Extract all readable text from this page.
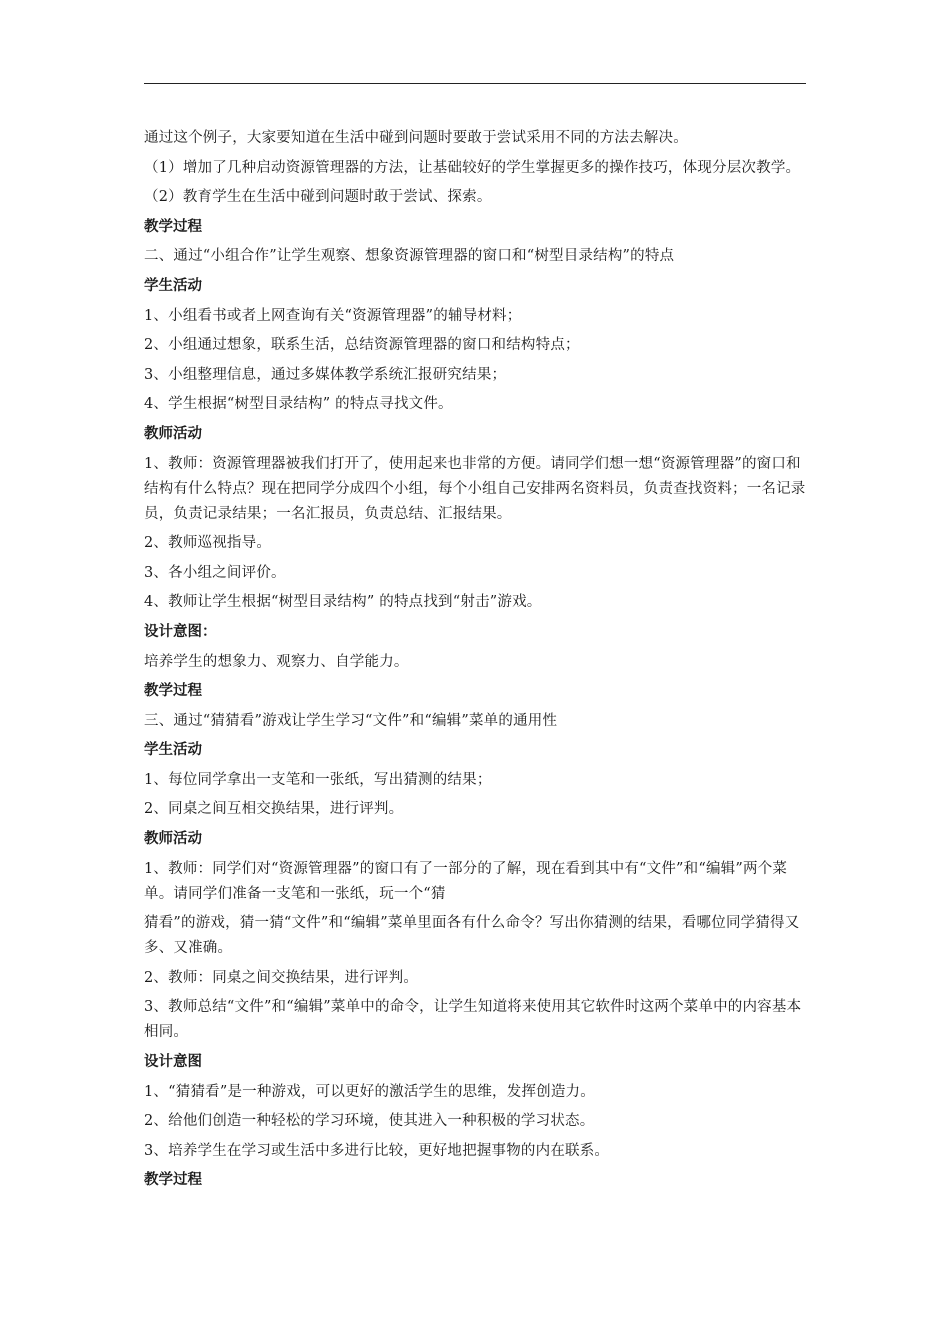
通过这个例子，大家要知道在生活中碰到问题时要敢于尝试采用不同的方法去解决。
（1）增加了几种启动资源管理器的方法，让基础较好的学生掌握更多的操作技巧，体现分层次教学。
（2）教育学生在生活中碰到问题时敢于尝试、探索。
教学过程
二、通过“小组合作”让学生观察、想象资源管理器的窗口和“树型目录结构”的特点
学生活动
1、小组看书或者上网查询有关“资源管理器”的辅导材料；
2、小组通过想象，联系生活，总结资源管理器的窗口和结构特点；
3、小组整理信息，通过多媒体教学系统汇报研究结果；
4、学生根据“树型目录结构” 的特点寻找文件。
教师活动
1、教师：资源管理器被我们打开了，使用起来也非常的方便。请同学们想一想“资源管理器”的窗口和结构有什么特点？现在把同学分成四个小组，每个小组自己安排两名资料员，负责查找资料；一名记录员，负责记录结果；一名汇报员，负责总结、汇报结果。
2、教师巡视指导。
3、各小组之间评价。
4、教师让学生根据“树型目录结构” 的特点找到“射击”游戏。
设计意图：
培养学生的想象力、观察力、自学能力。
教学过程
三、通过“猜猜看”游戏让学生学习“文件”和“编辑”菜单的通用性
学生活动
1、每位同学拿出一支笔和一张纸，写出猜测的结果；
2、同桌之间互相交换结果，进行评判。
教师活动
1、教师：同学们对“资源管理器”的窗口有了一部分的了解，现在看到其中有“文件”和“编辑”两个菜单。请同学们准备一支笔和一张纸，玩一个“猜
猜看”的游戏，猜一猜“文件”和“编辑”菜单里面各有什么命令？写出你猜测的结果，看哪位同学猜得又多、又准确。
2、教师：同桌之间交换结果，进行评判。
3、教师总结“文件”和“编辑”菜单中的命令，让学生知道将来使用其它软件时这两个菜单中的内容基本相同。
设计意图
1、“猜猜看”是一种游戏，可以更好的激活学生的思维，发挥创造力。
2、给他们创造一种轻松的学习环境，使其进入一种积极的学习状态。
3、培养学生在学习或生活中多进行比较，更好地把握事物的内在联系。
教学过程
